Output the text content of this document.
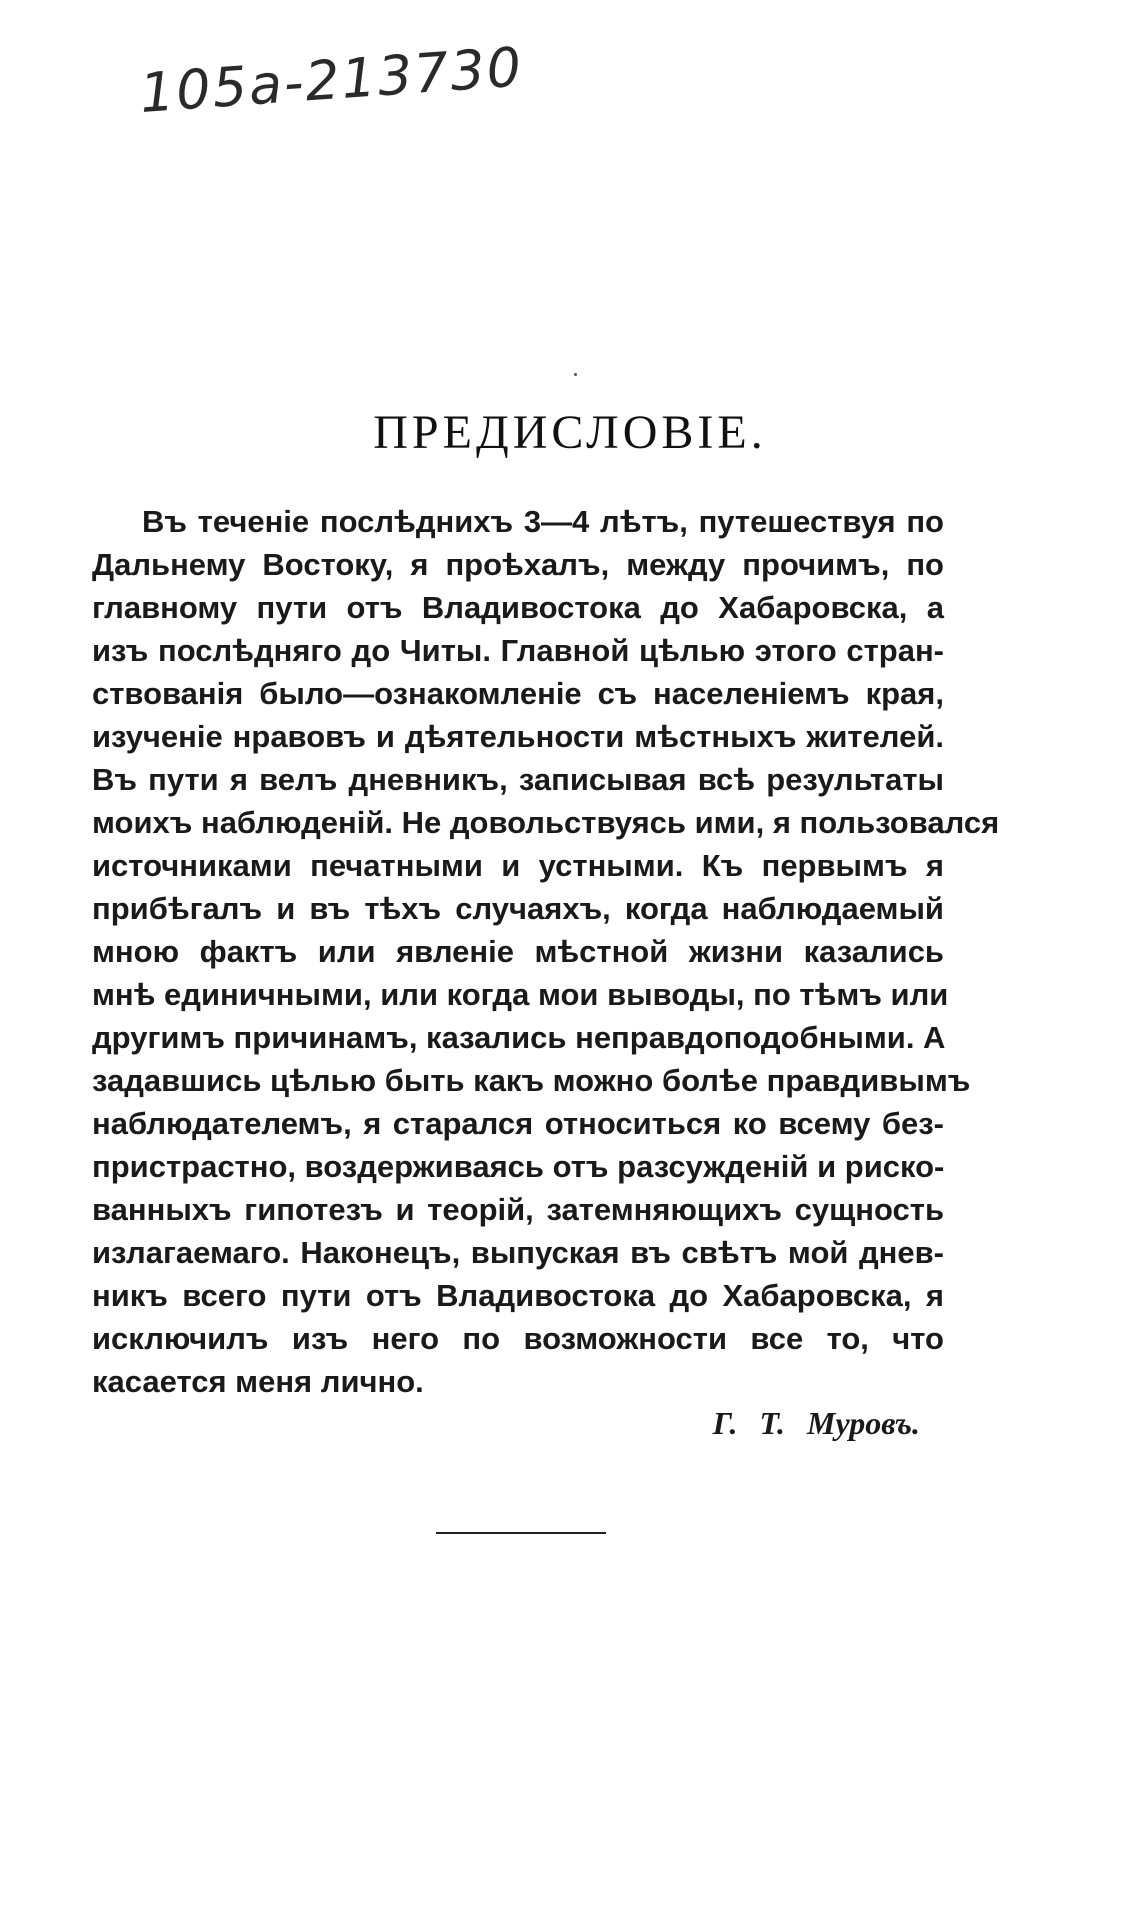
105а-213730
ПРЕДИСЛОВІЕ.
Въ теченіе послѣднихъ 3—4 лѣтъ, путешествуя по
Дальнему Востоку, я проѣхалъ, между прочимъ, по
главному пути отъ Владивостока до Хабаровска, а
изъ послѣдняго до Читы. Главной цѣлью этого стран-
ствованія было—ознакомленіе съ населеніемъ края,
изученіе нравовъ и дѣятельности мѣстныхъ жителей.
Въ пути я велъ дневникъ, записывая всѣ результаты
моихъ наблюденій. Не довольствуясь ими, я пользовался
источниками печатными и устными. Къ первымъ я
прибѣгалъ и въ тѣхъ случаяхъ, когда наблюдаемый
мною фактъ или явленіе мѣстной жизни казались
мнѣ единичными, или когда мои выводы, по тѣмъ или
другимъ причинамъ, казались неправдоподобными. А
задавшись цѣлью быть какъ можно болѣе правдивымъ
наблюдателемъ, я старался относиться ко всему без-
пристрастно, воздерживаясь отъ разсужденій и риско-
ванныхъ гипотезъ и теорій, затемняющихъ сущность
излагаемаго. Наконецъ, выпуская въ свѣтъ мой днев-
никъ всего пути отъ Владивостока до Хабаровска, я
исключилъ изъ него по возможности все то, что
касается меня лично.
Г. Т. Муровъ.
